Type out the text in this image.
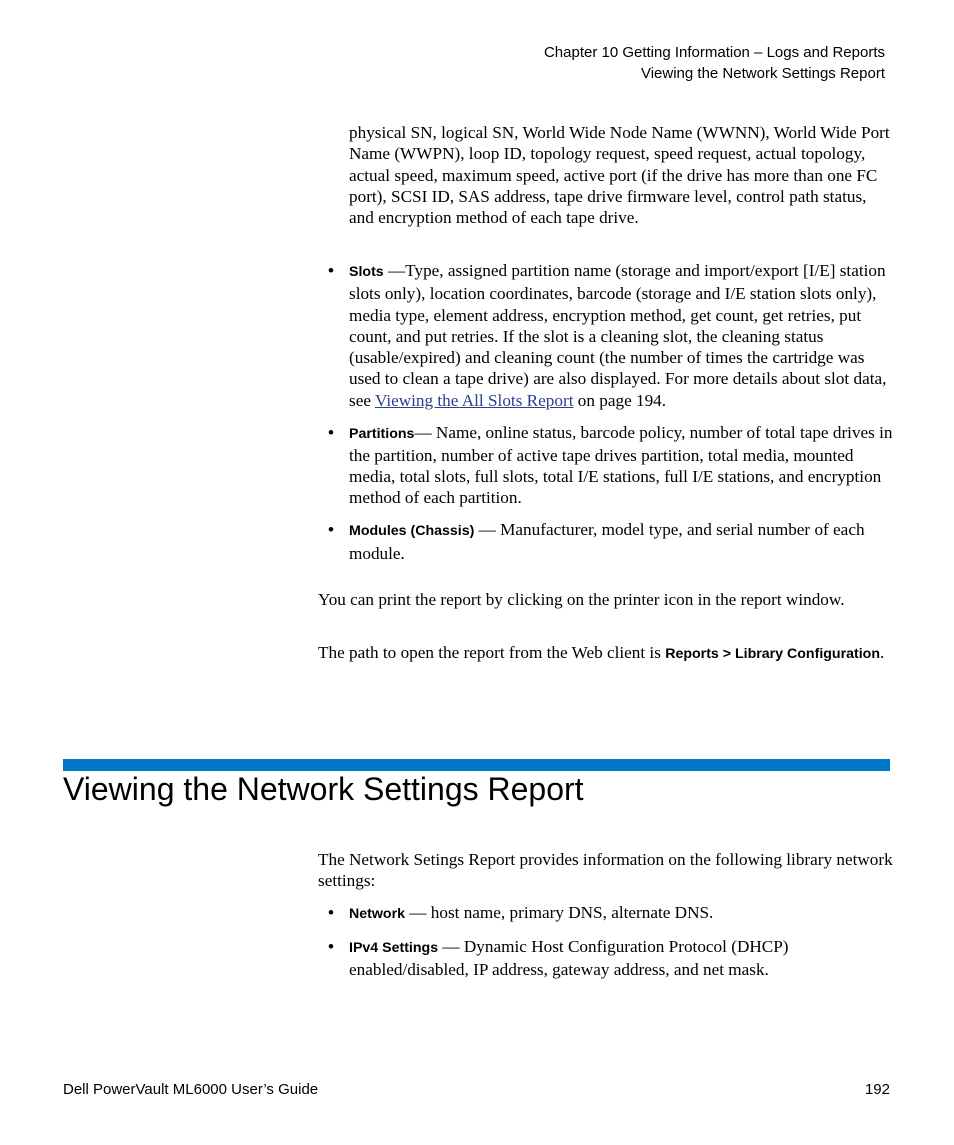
Chapter 10 Getting Information – Logs and Reports
Viewing the Network Settings Report
physical SN, logical SN, World Wide Node Name (WWNN), World Wide Port Name (WWPN), loop ID, topology request, speed request, actual topology, actual speed, maximum speed, active port (if the drive has more than one FC port), SCSI ID, SAS address, tape drive firmware level, control path status, and encryption method of each tape drive.
• Slots —Type, assigned partition name (storage and import/export [I/E] station slots only), location coordinates, barcode (storage and I/E station slots only), media type, element address, encryption method, get count, get retries, put count, and put retries. If the slot is a cleaning slot, the cleaning status (usable/expired) and cleaning count (the number of times the cartridge was used to clean a tape drive) are also displayed. For more details about slot data, see Viewing the All Slots Report on page 194.
• Partitions— Name, online status, barcode policy, number of total tape drives in the partition, number of active tape drives partition, total media, mounted media, total slots, full slots, total I/E stations, full I/E stations, and encryption method of each partition.
• Modules (Chassis) — Manufacturer, model type, and serial number of each module.
You can print the report by clicking on the printer icon in the report window.
The path to open the report from the Web client is Reports > Library Configuration.
Viewing the Network Settings Report
The Network Setings Report provides information on the following library network settings:
• Network — host name, primary DNS, alternate DNS.
• IPv4 Settings — Dynamic Host Configuration Protocol (DHCP) enabled/disabled, IP address, gateway address, and net mask.
Dell PowerVault ML6000 User’s Guide	192
